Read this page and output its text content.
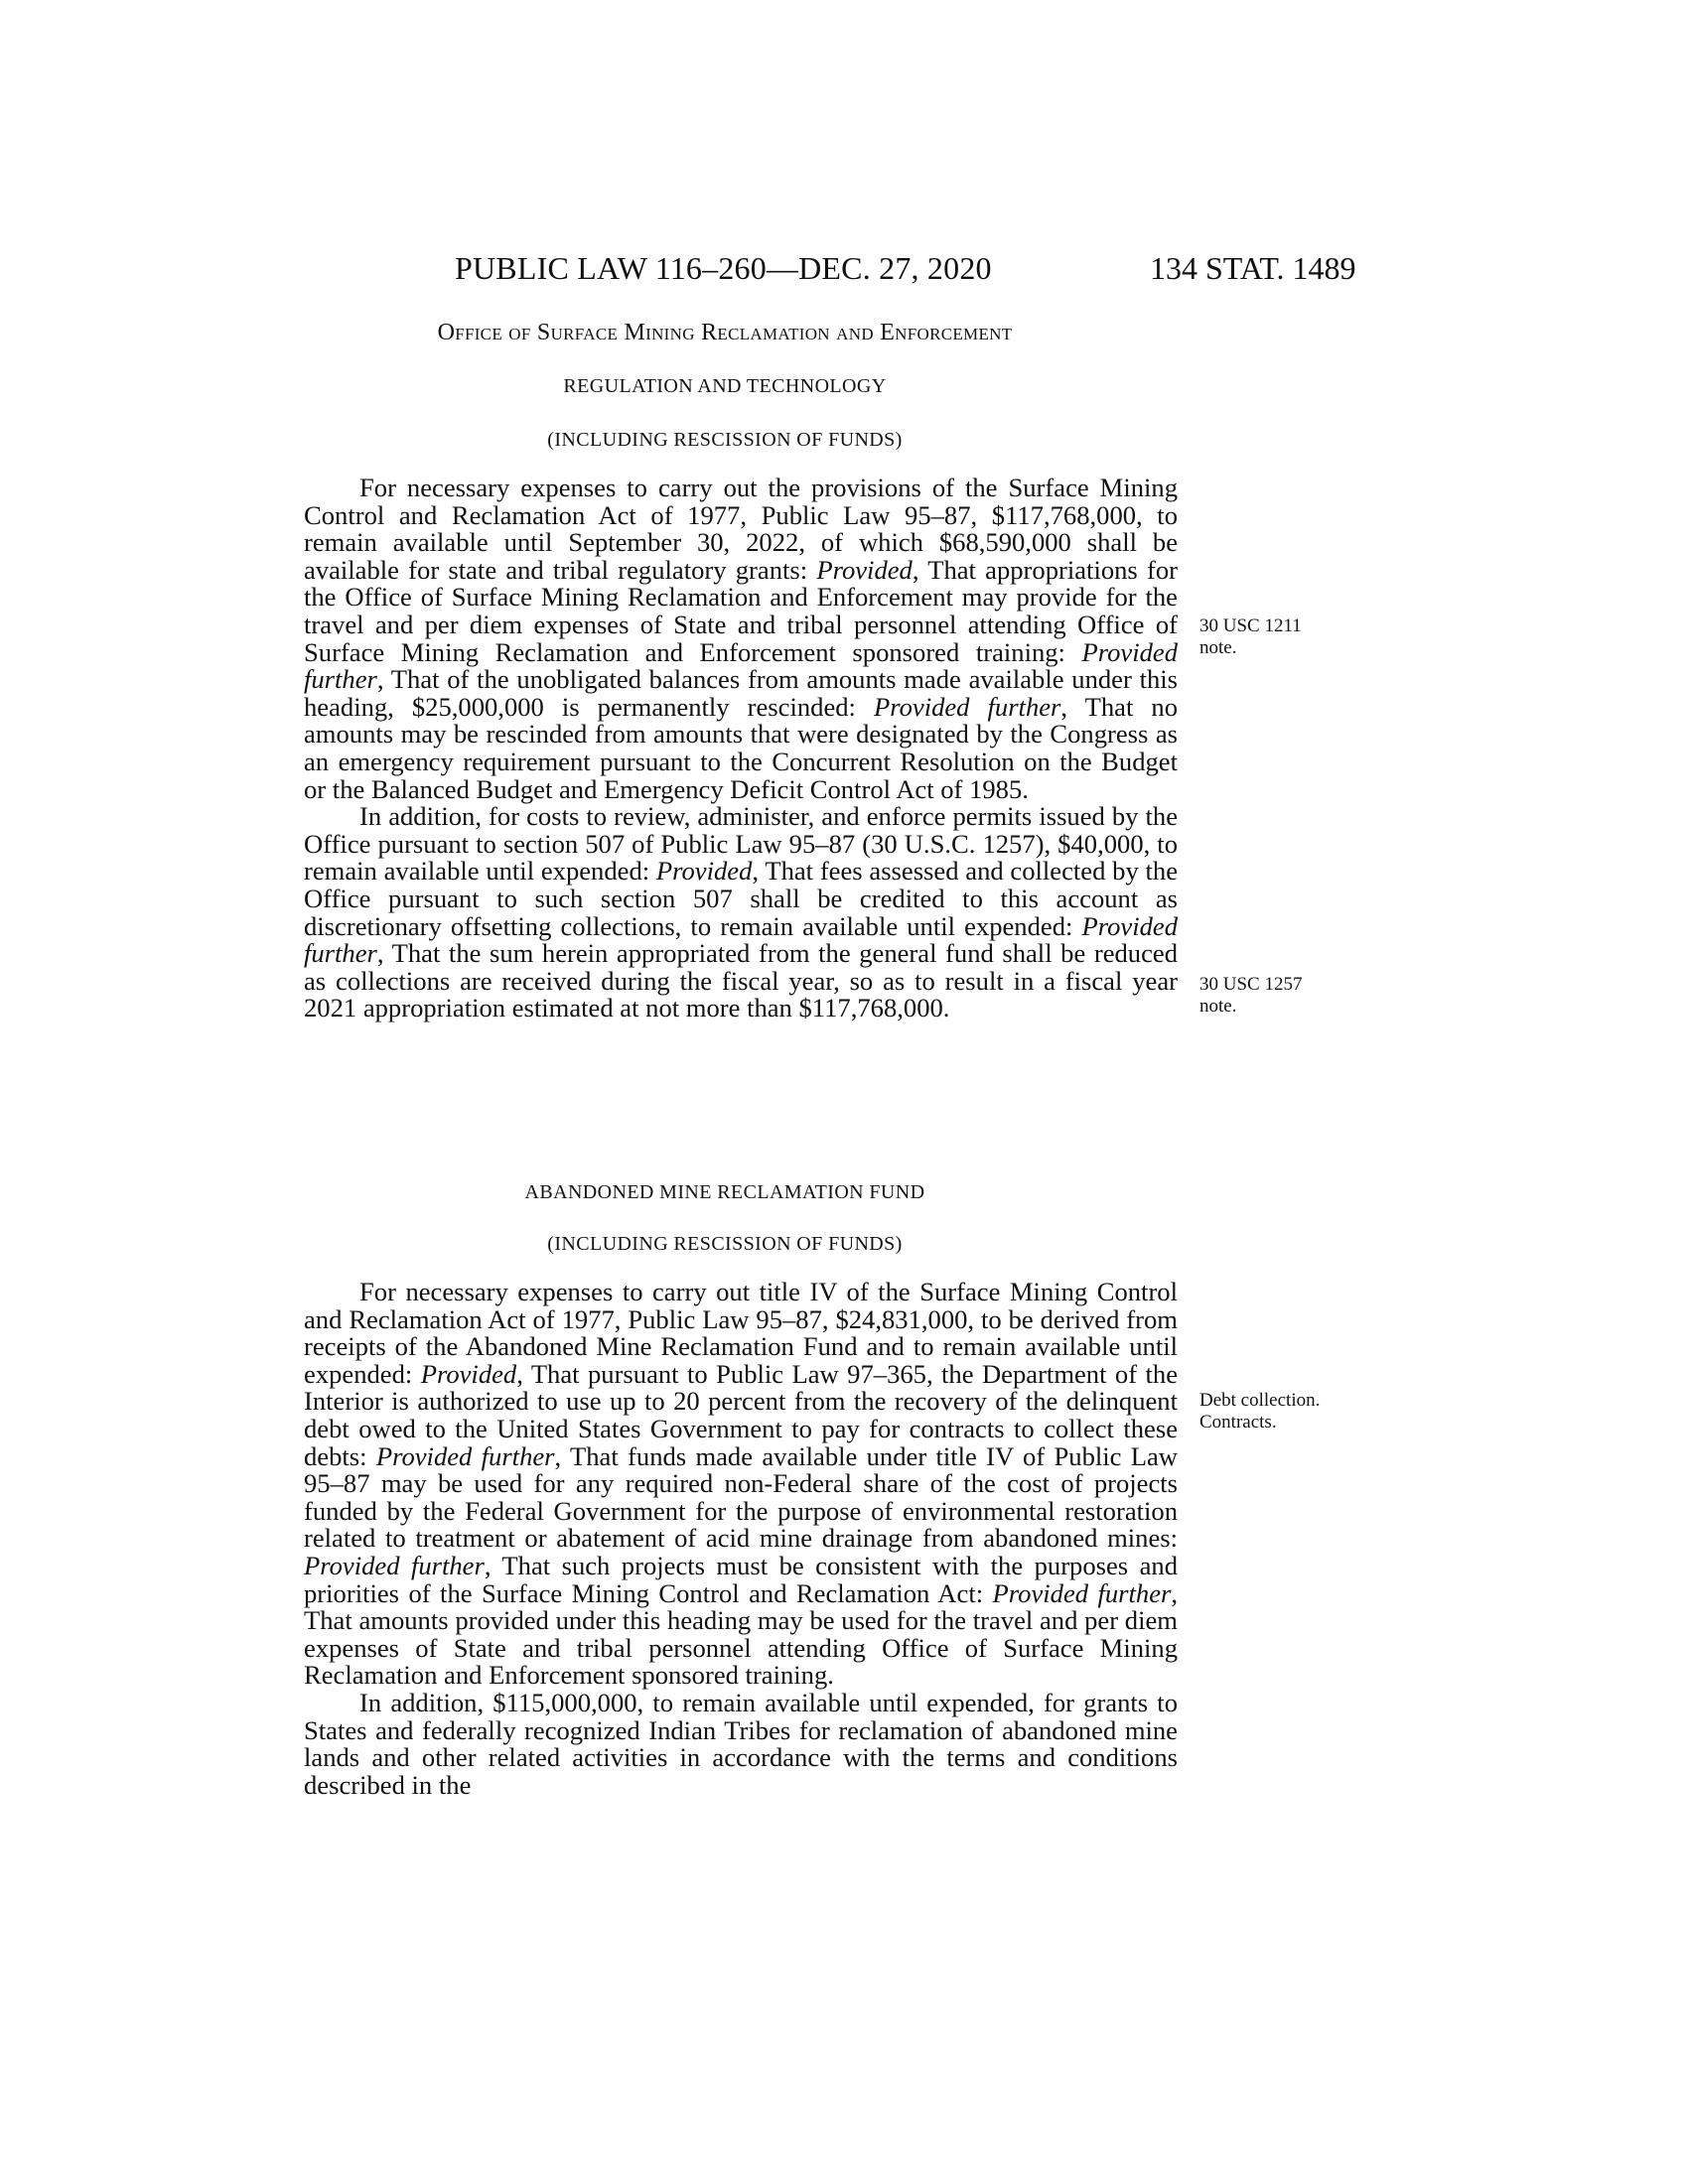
PUBLIC LAW 116–260—DEC. 27, 2020	134 STAT. 1489
Office of Surface Mining Reclamation and Enforcement
REGULATION AND TECHNOLOGY
(INCLUDING RESCISSION OF FUNDS)

For necessary expenses to carry out the provisions of the Surface Mining Control and Reclamation Act of 1977, Public Law 95–87, $117,768,000, to remain available until September 30, 2022, of which $68,590,000 shall be available for state and tribal regulatory grants: Provided, That appropriations for the Office of Surface Mining Reclamation and Enforcement may provide for the travel and per diem expenses of State and tribal personnel attending Office of Surface Mining Reclamation and Enforcement sponsored training: Provided further, That of the unobligated balances from amounts made available under this heading, $25,000,000 is permanently rescinded: Provided further, That no amounts may be rescinded from amounts that were designated by the Congress as an emergency requirement pursuant to the Concurrent Resolution on the Budget or the Balanced Budget and Emergency Deficit Control Act of 1985.

In addition, for costs to review, administer, and enforce permits issued by the Office pursuant to section 507 of Public Law 95–87 (30 U.S.C. 1257), $40,000, to remain available until expended: Provided, That fees assessed and collected by the Office pursuant to such section 507 shall be credited to this account as discretionary offsetting collections, to remain available until expended: Provided further, That the sum herein appropriated from the general fund shall be reduced as collections are received during the fiscal year, so as to result in a fiscal year 2021 appropriation estimated at not more than $117,768,000.

ABANDONED MINE RECLAMATION FUND
(INCLUDING RESCISSION OF FUNDS)

For necessary expenses to carry out title IV of the Surface Mining Control and Reclamation Act of 1977, Public Law 95–87, $24,831,000, to be derived from receipts of the Abandoned Mine Reclamation Fund and to remain available until expended: Provided, That pursuant to Public Law 97–365, the Department of the Interior is authorized to use up to 20 percent from the recovery of the delinquent debt owed to the United States Government to pay for contracts to collect these debts: Provided further, That funds made available under title IV of Public Law 95–87 may be used for any required non-Federal share of the cost of projects funded by the Federal Government for the purpose of environmental restoration related to treatment or abatement of acid mine drainage from abandoned mines: Provided further, That such projects must be consistent with the purposes and priorities of the Surface Mining Control and Reclamation Act: Provided further, That amounts provided under this heading may be used for the travel and per diem expenses of State and tribal personnel attending Office of Surface Mining Reclamation and Enforcement sponsored training.

In addition, $115,000,000, to remain available until expended, for grants to States and federally recognized Indian Tribes for reclamation of abandoned mine lands and other related activities in accordance with the terms and conditions described in the

30 USC 1211
note.
30 USC 1257
note.
Debt collection.
Contracts.
